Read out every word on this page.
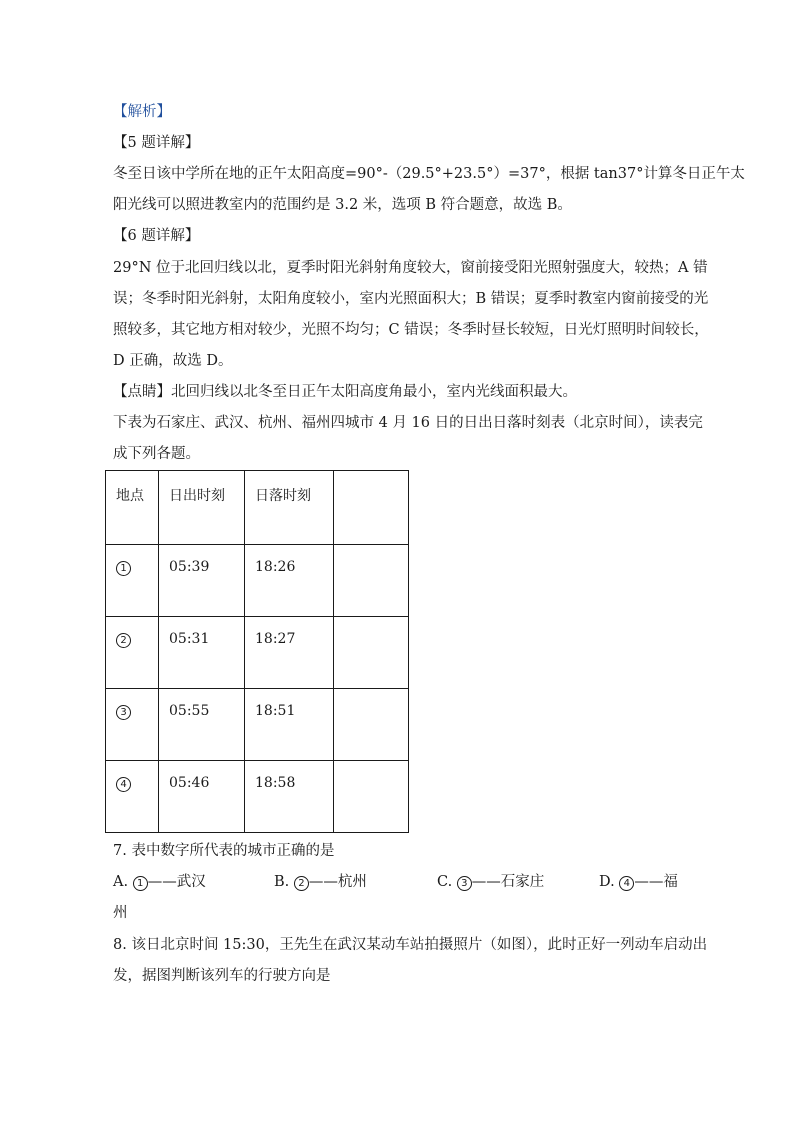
【解析】
【5 题详解】
冬至日该中学所在地的正午太阳高度=90°-（29.5°+23.5°）=37°，根据 tan37°计算冬日正午太
阳光线可以照进教室内的范围约是 3.2 米，选项 B 符合题意，故选 B。
【6 题详解】
29°N 位于北回归线以北，夏季时阳光斜射角度较大，窗前接受阳光照射强度大，较热；A 错
误；冬季时阳光斜射，太阳角度较小，室内光照面积大；B 错误；夏季时教室内窗前接受的光
照较多，其它地方相对较少，光照不均匀；C 错误；冬季时昼长较短，日光灯照明时间较长，
D 正确，故选 D。
【点睛】北回归线以北冬至日正午太阳高度角最小，室内光线面积最大。
下表为石家庄、武汉、杭州、福州四城市 4 月 16 日的日出日落时刻表（北京时间），读表完
成下列各题。
地点	日出时刻	日落时刻	
1	05:39	18:26	
2	05:31	18:27	
3	05:55	18:51	
4	05:46	18:58	
7. 表中数字所代表的城市正确的是
A. 1 ——武汉	B. 2 ——杭州	C. 3 ——石家庄	D. 4 ——福
州
8. 该日北京时间 15:30，王先生在武汉某动车站拍摄照片（如图），此时正好一列动车启动出
发，据图判断该列车的行驶方向是
